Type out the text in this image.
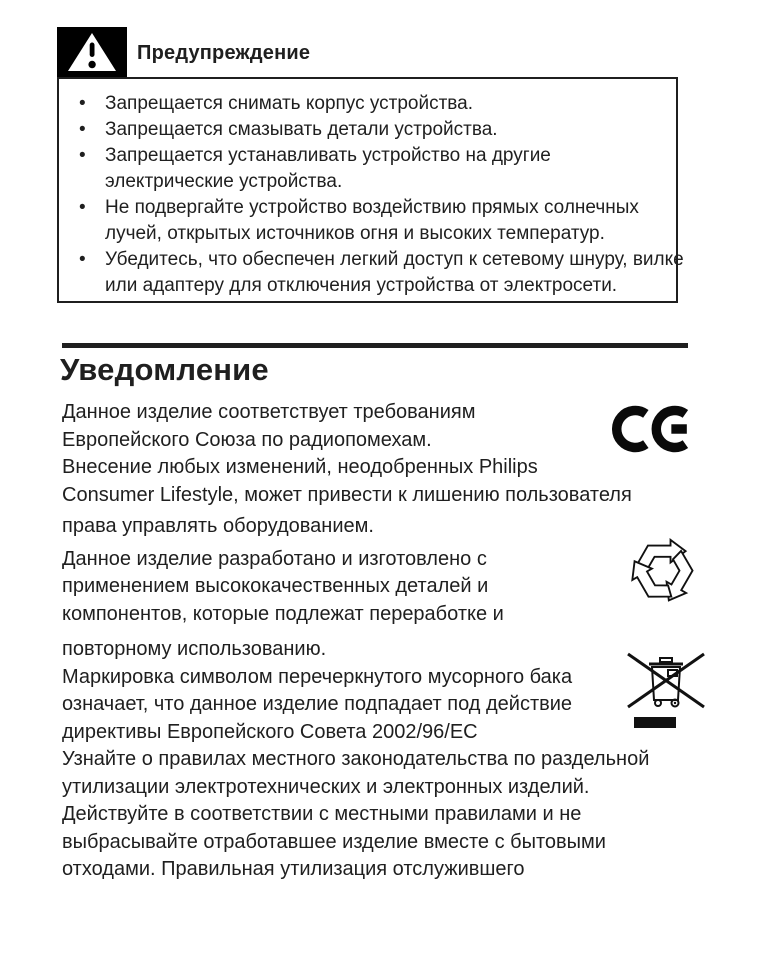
Предупреждение
• Запрещается снимать корпус устройства.
• Запрещается смазывать детали устройства.
• Запрещается устанавливать устройство на другие
электрические устройства.
• Не подвергайте устройство воздействию прямых солнечных
лучей, открытых источников огня и высоких температур.
• Убедитесь, что обеспечен легкий доступ к сетевому шнуру, вилке
или адаптеру для отключения устройства от электросети.
Уведомление
Данное изделие соответствует требованиям
Европейского Союза по радиопомехам.
Внесение любых изменений, неодобренных Philips
Consumer Lifestyle, может привести к лишению пользователя
права управлять оборудованием.
Данное изделие разработано и изготовлено с
применением высококачественных деталей и
компонентов, которые подлежат переработке и
повторному использованию.
Маркировка символом перечеркнутого мусорного бака
означает, что данное изделие подпадает под действие
директивы Европейского Совета 2002/96/EC
Узнайте о правилах местного законодательства по раздельной
утилизации электротехнических и электронных изделий.
Действуйте в соответствии с местными правилами и не
выбрасывайте отработавшее изделие вместе с бытовыми
отходами. Правильная утилизация отслужившего
